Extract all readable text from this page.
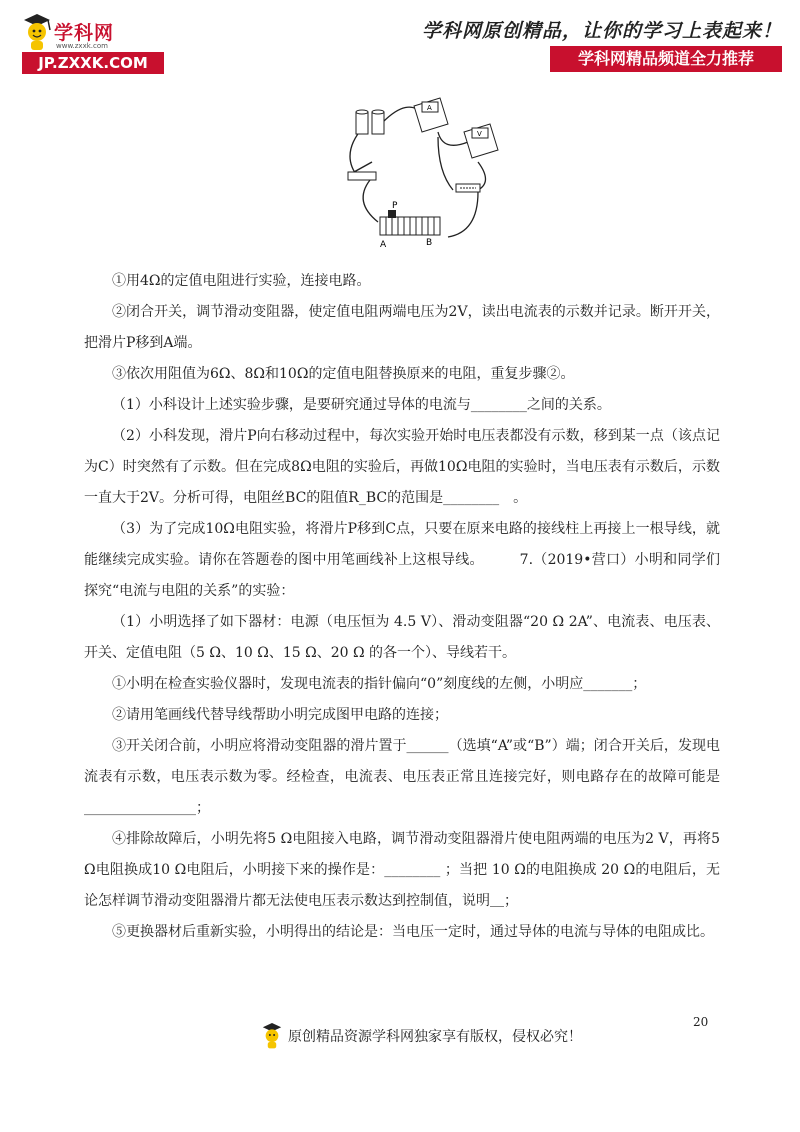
学科网
www.zxxk.com
JP.ZXXK.COM
学科网原创精品，让你的学习上表起来！
学科网精品频道全力推荐
A
V
P
A	B

①用4Ω的定值电阻进行实验，连接电路。

②闭合开关，调节滑动变阻器，使定值电阻两端电压为2V，读出电流表的示数并记录。断开开关，把滑片P移到A端。

③依次用阻值为6Ω、8Ω和10Ω的定值电阻替换原来的电阻，重复步骤②。

（1）小科设计上述实验步骤，是要研究通过导体的电流与________之间的关系。

（2）小科发现，滑片P向右移动过程中，每次实验开始时电压表都没有示数，移到某一点（该点记为C）时突然有了示数。但在完成8Ω电阻的实验后，再做10Ω电阻的实验时，当电压表有示数后，示数一直大于2V。分析可得，电阻丝BC的阻值R_BC的范围是________　。

（3）为了完成10Ω电阻实验，将滑片P移到C点，只要在原来电路的接线柱上再接上一根导线，就能继续完成实验。请你在答题卷的图中用笔画线补上这根导线。　　　7.（2019•营口）小明和同学们探究“电流与电阻的关系”的实验：

（1）小明选择了如下器材：电源（电压恒为 4.5 V）、滑动变阻器“20 Ω 2A”、电流表、电压表、开关、定值电阻（5 Ω、10 Ω、15 Ω、20 Ω 的各一个）、导线若干。

①小明在检查实验仪器时，发现电流表的指针偏向“0”刻度线的左侧，小明应_______；

②请用笔画线代替导线帮助小明完成图甲电路的连接；

③开关闭合前，小明应将滑动变阻器的滑片置于______（选填“A”或“B”）端；闭合开关后，发现电流表有示数，电压表示数为零。经检查，电流表、电压表正常且连接完好，则电路存在的故障可能是________________；

④排除故障后，小明先将5 Ω电阻接入电路，调节滑动变阻器滑片使电阻两端的电压为2 V，再将5 Ω电阻换成10 Ω电阻后，小明接下来的操作是：________ ；当把 10 Ω的电阻换成 20 Ω的电阻后，无论怎样调节滑动变阻器滑片都无法使电压表示数达到控制值，说明＿；

⑤更换器材后重新实验，小明得出的结论是：当电压一定时，通过导体的电流与导体的电阻成比。

20
原创精品资源学科网独家享有版权，侵权必究！
